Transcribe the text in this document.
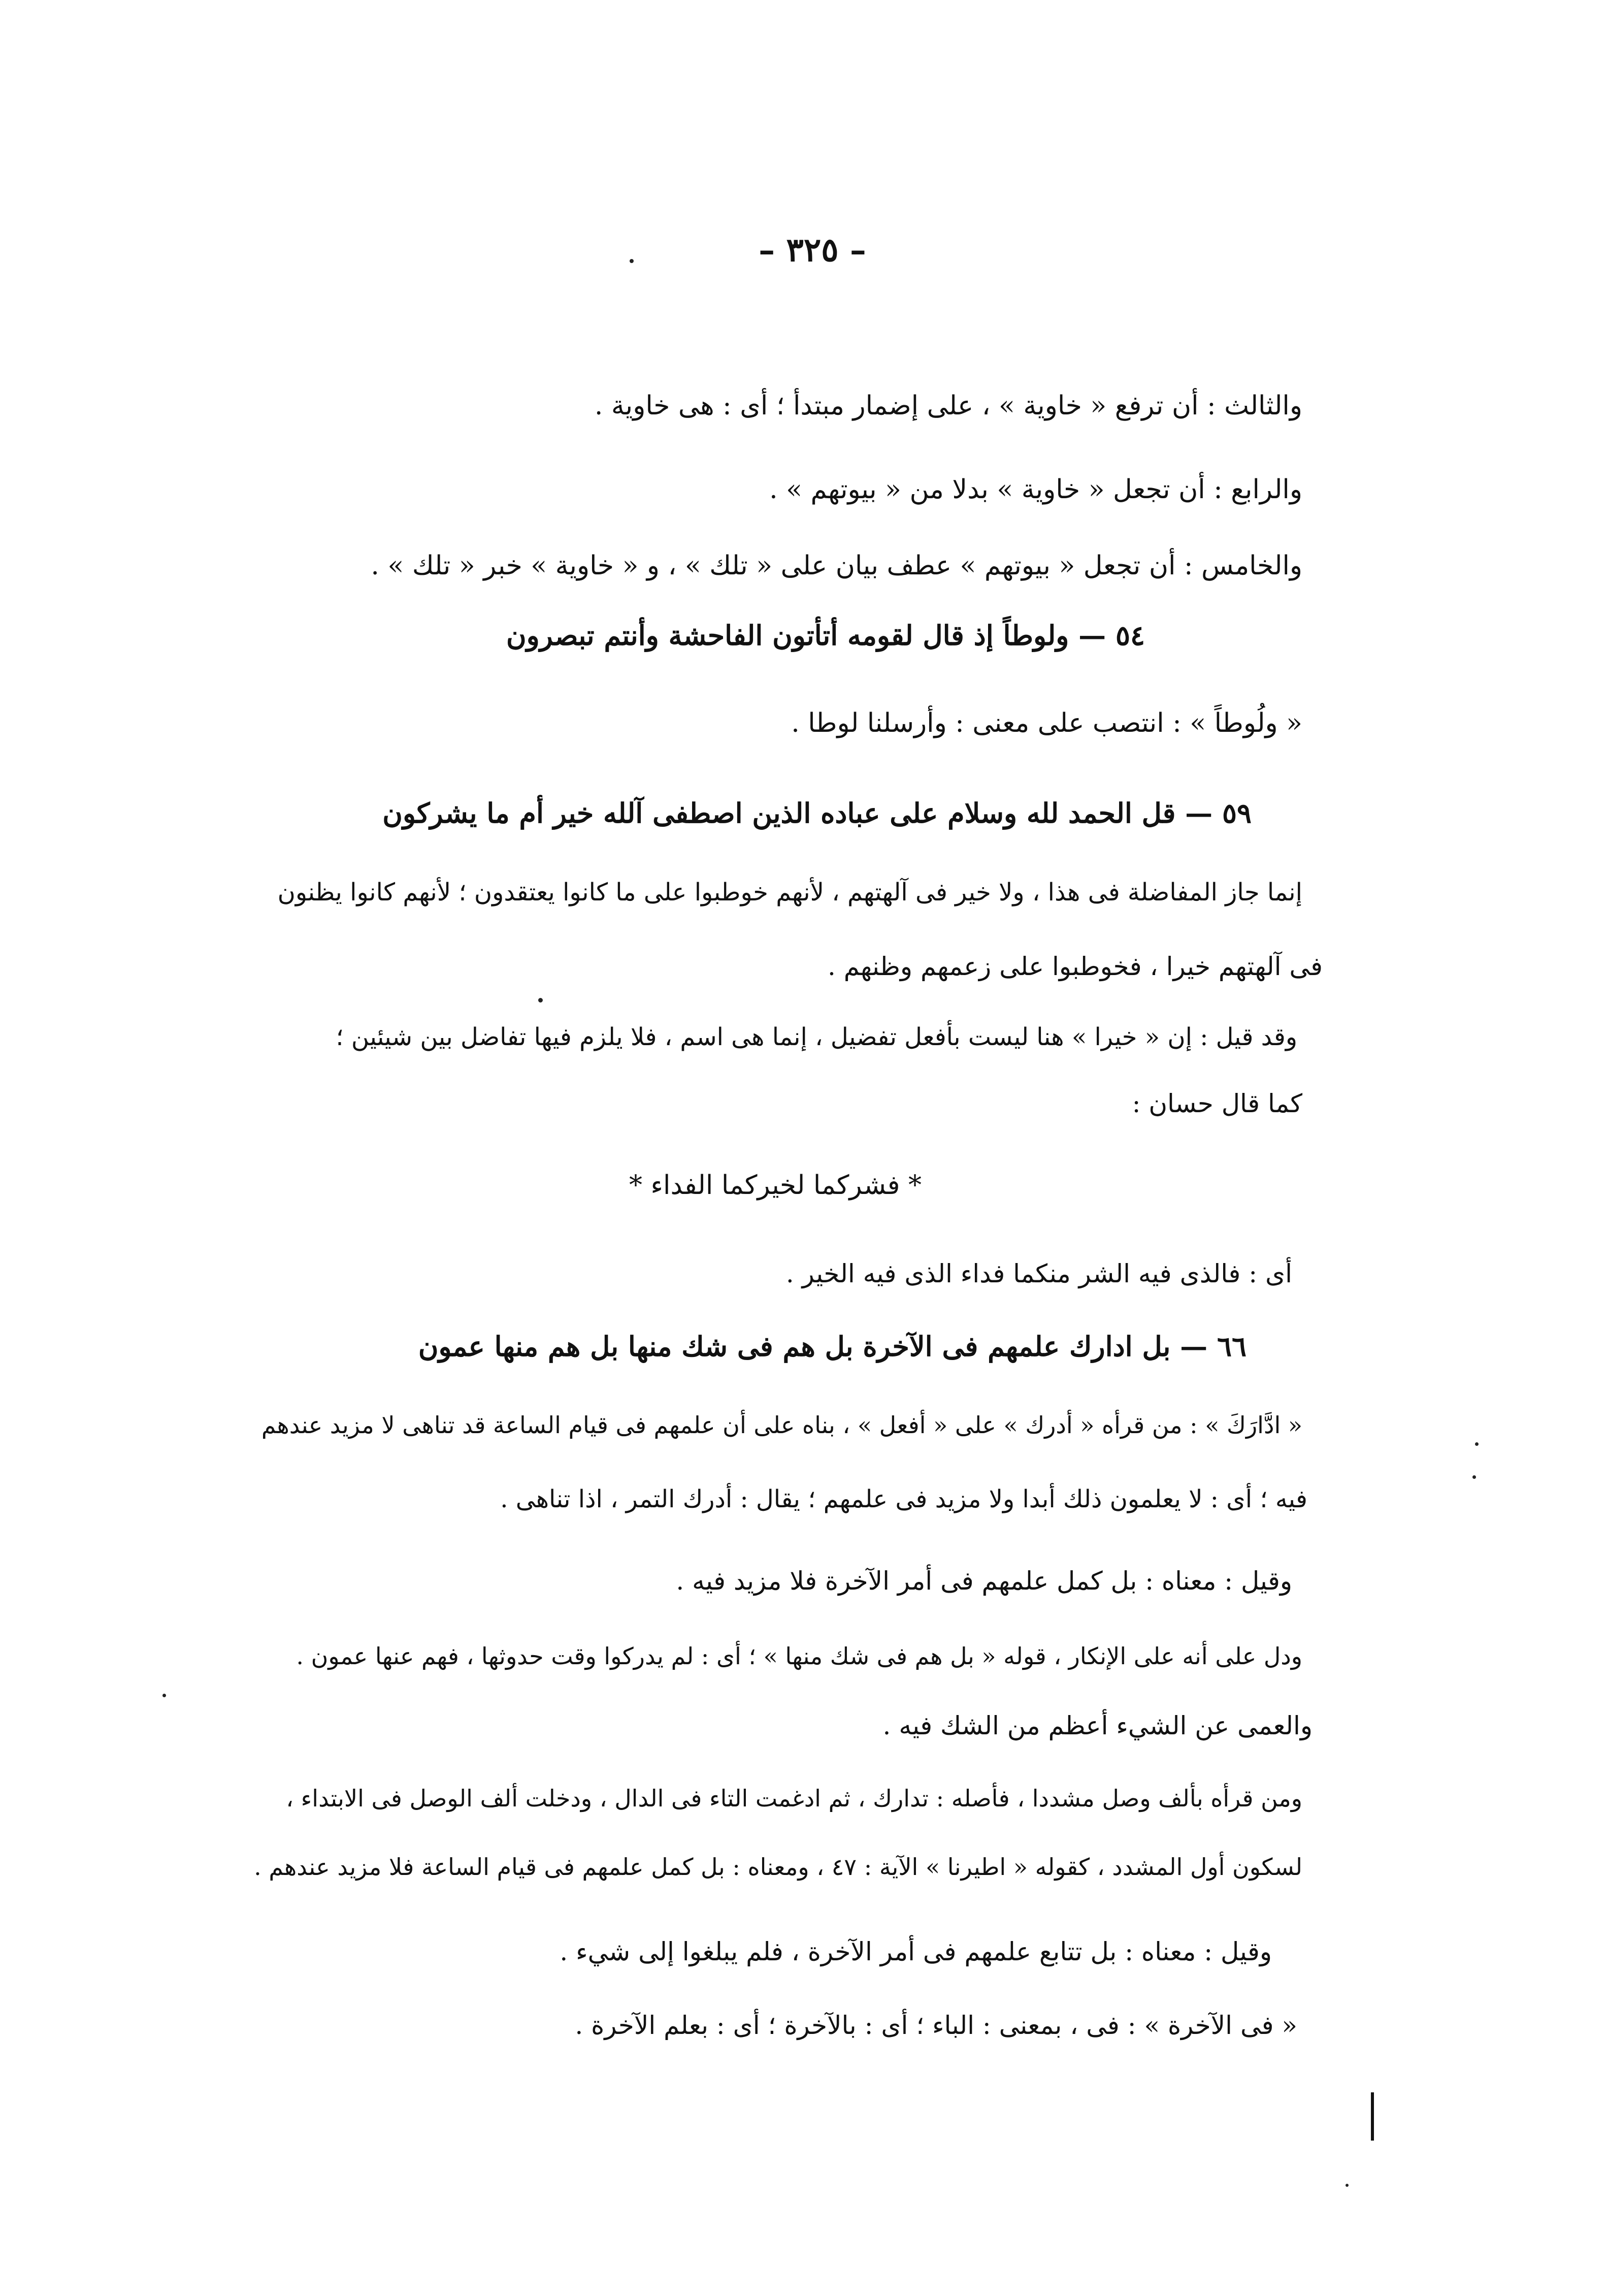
– ٣٢٥ –
والثالث : أن ترفع « خاوية » ، على إضمار مبتدأ ؛ أى : هى خاوية .
والرابع : أن تجعل « خاوية » بدلا من « بيوتهم » .
والخامس : أن تجعل « بيوتهم » عطف بيان على « تلك » ، و « خاوية » خبر « تلك » .
٥٤ — ولوطاً إذ قال لقومه أتأتون الفاحشة وأنتم تبصرون
« ولُوطاً » : انتصب على معنى : وأرسلنا لوطا .
٥٩ — قل الحمد لله وسلام على عباده الذين اصطفى آلله خير أم ما يشركون
إنما جاز المفاضلة فى هذا ، ولا خير فى آلهتهم ، لأنهم خوطبوا على ما كانوا يعتقدون ؛ لأنهم كانوا يظنون
فى آلهتهم خيرا ، فخوطبوا على زعمهم وظنهم .
وقد قيل : إن « خيرا » هنا ليست بأفعل تفضيل ، إنما هى اسم ، فلا يلزم فيها تفاضل بين شيئين ؛
كما قال حسان :
* فشركما لخيركما الفداء *
أى : فالذى فيه الشر منكما فداء الذى فيه الخير .
٦٦ — بل ادارك علمهم فى الآخرة بل هم فى شك منها بل هم منها عمون
« ادَّارَكَ » : من قرأه « أدرك » على « أفعل » ، بناه على أن علمهم فى قيام الساعة قد تناهى لا مزيد عندهم
فيه ؛ أى : لا يعلمون ذلك أبدا ولا مزيد فى علمهم ؛ يقال : أدرك التمر ، اذا تناهى .
وقيل : معناه : بل كمل علمهم فى أمر الآخرة فلا مزيد فيه .
ودل على أنه على الإنكار ، قوله « بل هم فى شك منها » ؛ أى : لم يدركوا وقت حدوثها ، فهم عنها عمون .
والعمى عن الشيء أعظم من الشك فيه .
ومن قرأه بألف وصل مشددا ، فأصله : تدارك ، ثم ادغمت التاء فى الدال ، ودخلت ألف الوصل فى الابتداء ،
لسكون أول المشدد ، كقوله « اطيرنا » الآية : ٤٧ ، ومعناه : بل كمل علمهم فى قيام الساعة فلا مزيد عندهم .
وقيل : معناه : بل تتابع علمهم فى أمر الآخرة ، فلم يبلغوا إلى شيء .
« فى الآخرة » : فى ، بمعنى : الباء ؛ أى : بالآخرة ؛ أى : بعلم الآخرة .
